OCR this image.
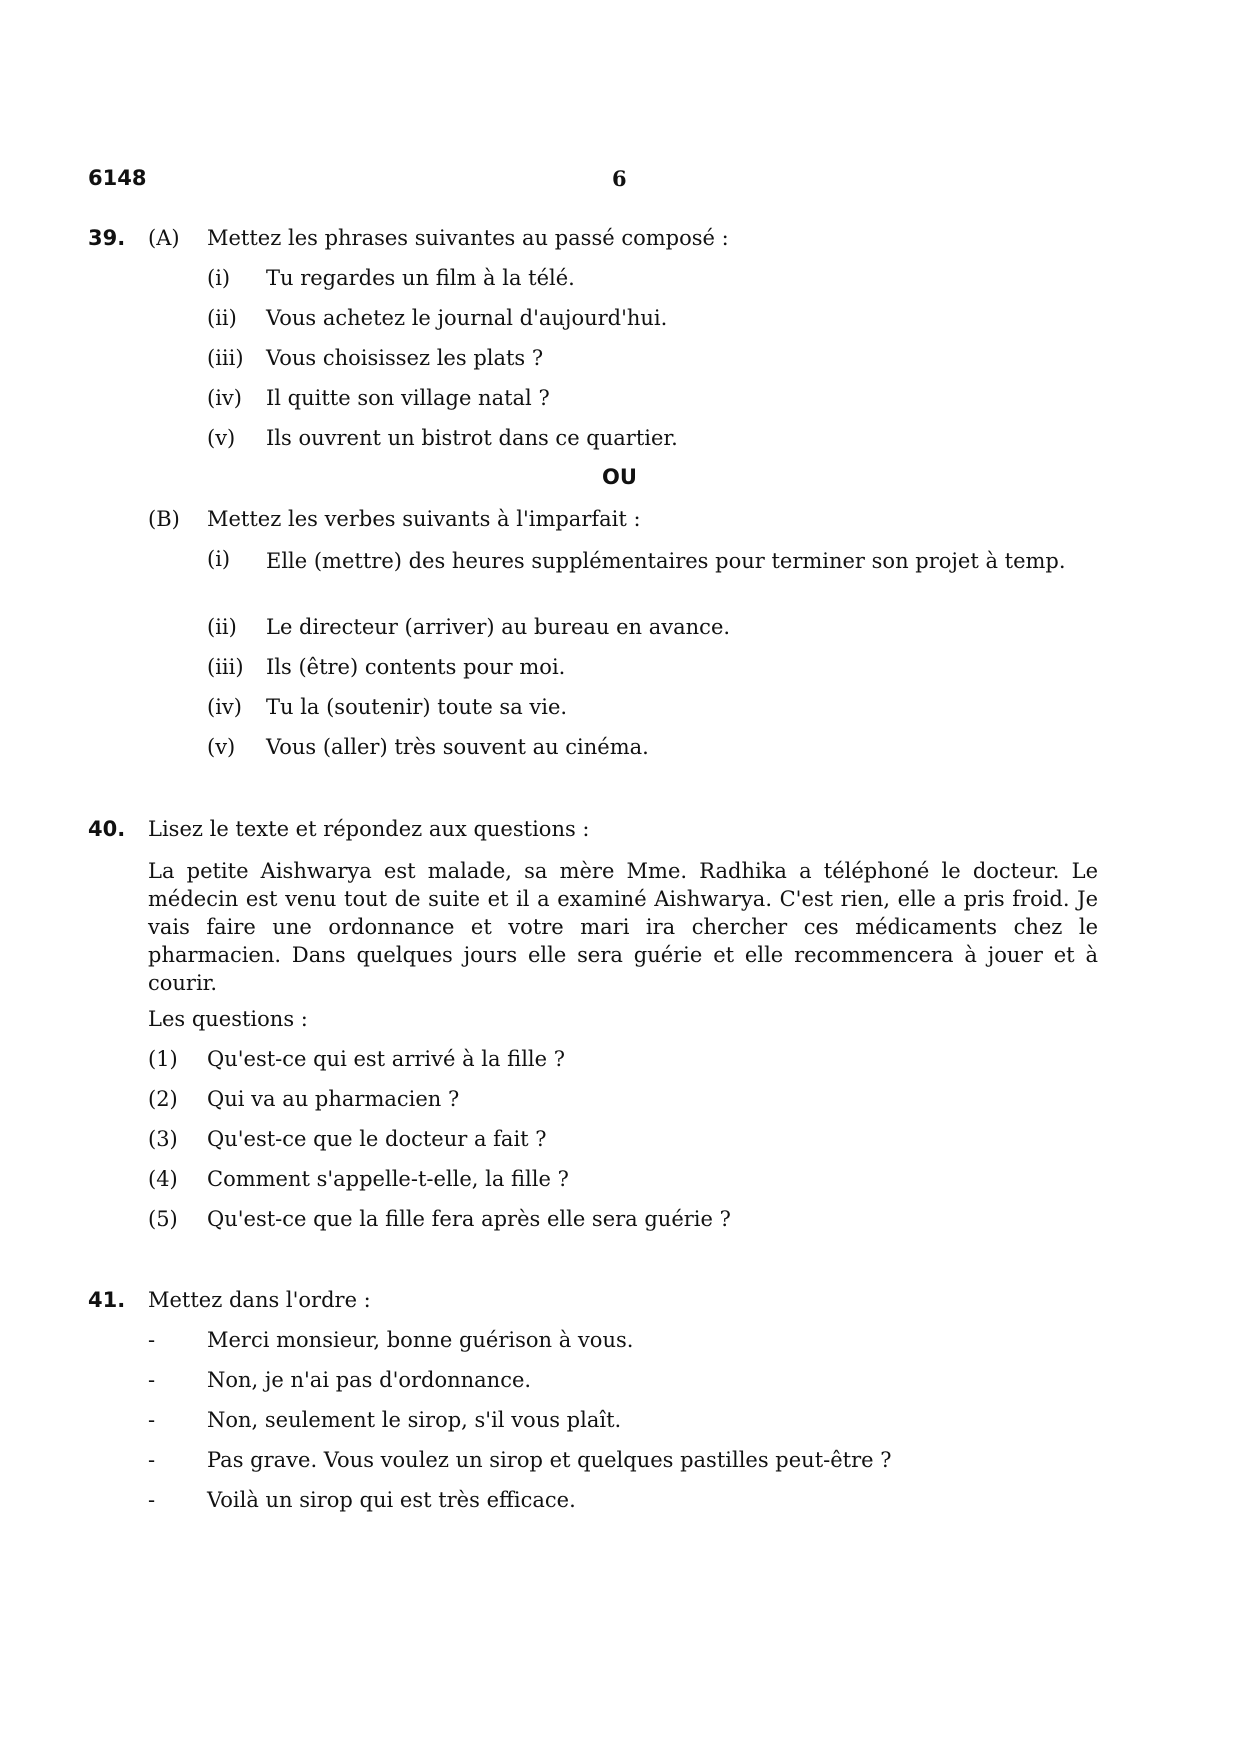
6148	6
39. (A) Mettez les phrases suivantes au passé composé :
(i) Tu regardes un film à la télé.
(ii) Vous achetez le journal d'aujourd'hui.
(iii) Vous choisissez les plats ?
(iv) Il quitte son village natal ?
(v) Ils ouvrent un bistrot dans ce quartier.
OU
(B) Mettez les verbes suivants à l'imparfait :
(i) Elle (mettre) des heures supplémentaires pour terminer son projet à temp.
(ii) Le directeur (arriver) au bureau en avance.
(iii) Ils (être) contents pour moi.
(iv) Tu la (soutenir) toute sa vie.
(v) Vous (aller) très souvent au cinéma.
40. Lisez le texte et répondez aux questions :
La petite Aishwarya est malade, sa mère Mme. Radhika a téléphoné le docteur. Le médecin est venu tout de suite et il a examiné Aishwarya. C'est rien, elle a pris froid. Je vais faire une ordonnance et votre mari ira chercher ces médicaments chez le pharmacien. Dans quelques jours elle sera guérie et elle recommencera à jouer et à courir.
Les questions :
(1) Qu'est-ce qui est arrivé à la fille ?
(2) Qui va au pharmacien ?
(3) Qu'est-ce que le docteur a fait ?
(4) Comment s'appelle-t-elle, la fille ?
(5) Qu'est-ce que la fille fera après elle sera guérie ?
41. Mettez dans l'ordre :
- Merci monsieur, bonne guérison à vous.
- Non, je n'ai pas d'ordonnance.
- Non, seulement le sirop, s'il vous plaît.
- Pas grave. Vous voulez un sirop et quelques pastilles peut-être ?
- Voilà un sirop qui est très efficace.
